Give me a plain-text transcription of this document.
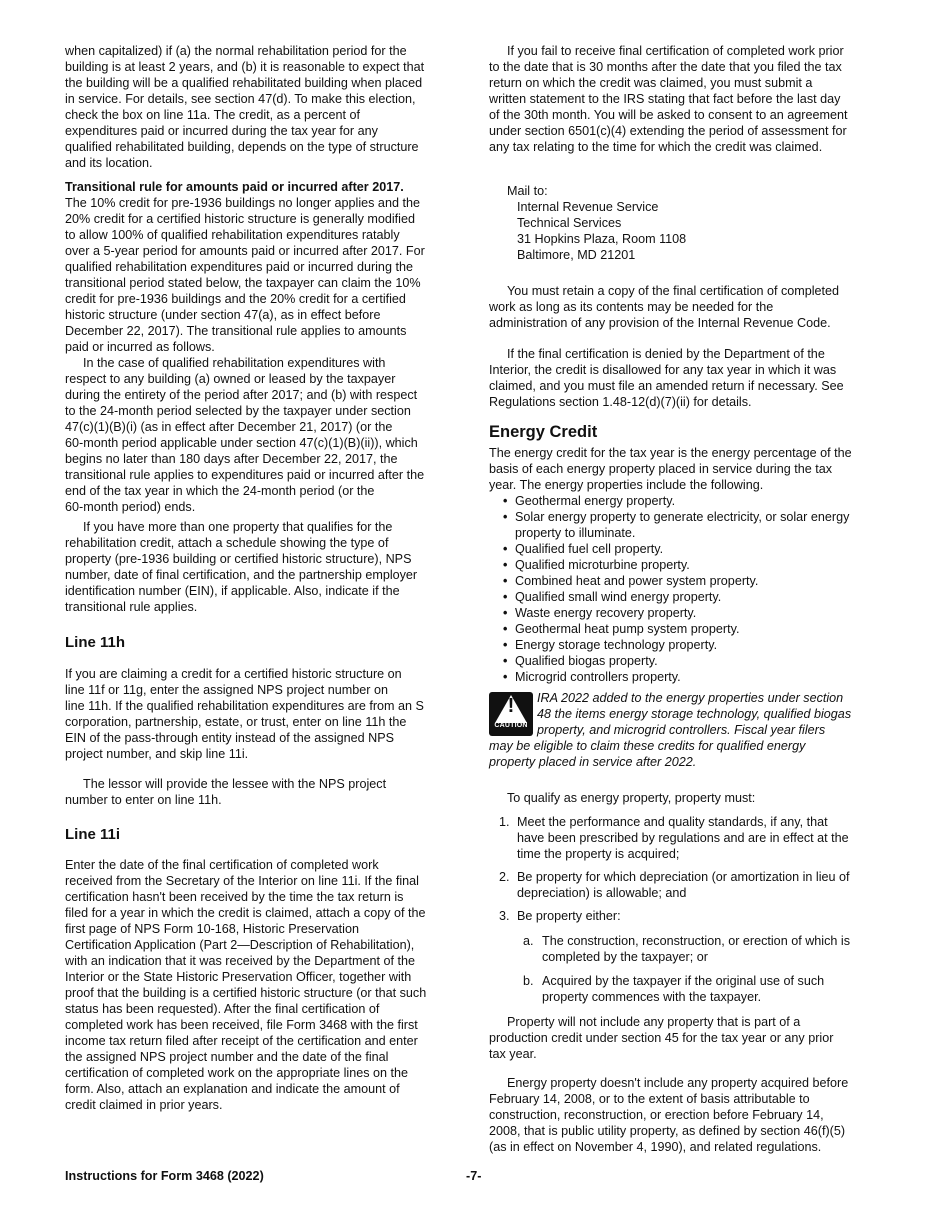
when capitalized) if (a) the normal rehabilitation period for the
building is at least 2 years, and (b) it is reasonable to expect that
the building will be a qualified rehabilitated building when placed
in service. For details, see section 47(d). To make this election,
check the box on line 11a. The credit, as a percent of
expenditures paid or incurred during the tax year for any
qualified rehabilitated building, depends on the type of structure
and its location.
Transitional rule for amounts paid or incurred after 2017.
The 10% credit for pre-1936 buildings no longer applies and the
20% credit for a certified historic structure is generally modified
to allow 100% of qualified rehabilitation expenditures ratably
over a 5-year period for amounts paid or incurred after 2017. For
qualified rehabilitation expenditures paid or incurred during the
transitional period stated below, the taxpayer can claim the 10%
credit for pre-1936 buildings and the 20% credit for a certified
historic structure (under section 47(a), as in effect before
December 22, 2017). The transitional rule applies to amounts
paid or incurred as follows.
In the case of qualified rehabilitation expenditures with
respect to any building (a) owned or leased by the taxpayer
during the entirety of the period after 2017; and (b) with respect
to the 24-month period selected by the taxpayer under section
47(c)(1)(B)(i) (as in effect after December 21, 2017) (or the
60-month period applicable under section 47(c)(1)(B)(ii)), which
begins no later than 180 days after December 22, 2017, the
transitional rule applies to expenditures paid or incurred after the
end of the tax year in which the 24-month period (or the
60-month period) ends.
If you have more than one property that qualifies for the
rehabilitation credit, attach a schedule showing the type of
property (pre-1936 building or certified historic structure), NPS
number, date of final certification, and the partnership employer
identification number (EIN), if applicable. Also, indicate if the
transitional rule applies.
Line 11h
If you are claiming a credit for a certified historic structure on
line 11f or 11g, enter the assigned NPS project number on
line 11h. If the qualified rehabilitation expenditures are from an S
corporation, partnership, estate, or trust, enter on line 11h the
EIN of the pass-through entity instead of the assigned NPS
project number, and skip line 11i.
The lessor will provide the lessee with the NPS project
number to enter on line 11h.
Line 11i
Enter the date of the final certification of completed work
received from the Secretary of the Interior on line 11i. If the final
certification hasn't been received by the time the tax return is
filed for a year in which the credit is claimed, attach a copy of the
first page of NPS Form 10-168, Historic Preservation
Certification Application (Part 2—Description of Rehabilitation),
with an indication that it was received by the Department of the
Interior or the State Historic Preservation Officer, together with
proof that the building is a certified historic structure (or that such
status has been requested). After the final certification of
completed work has been received, file Form 3468 with the first
income tax return filed after receipt of the certification and enter
the assigned NPS project number and the date of the final
certification of completed work on the appropriate lines on the
form. Also, attach an explanation and indicate the amount of
credit claimed in prior years.
If you fail to receive final certification of completed work prior
to the date that is 30 months after the date that you filed the tax
return on which the credit was claimed, you must submit a
written statement to the IRS stating that fact before the last day
of the 30th month. You will be asked to consent to an agreement
under section 6501(c)(4) extending the period of assessment for
any tax relating to the time for which the credit was claimed.
Mail to:
Internal Revenue Service
Technical Services
31 Hopkins Plaza, Room 1108
Baltimore, MD 21201
You must retain a copy of the final certification of completed
work as long as its contents may be needed for the
administration of any provision of the Internal Revenue Code.
If the final certification is denied by the Department of the
Interior, the credit is disallowed for any tax year in which it was
claimed, and you must file an amended return if necessary. See
Regulations section 1.48-12(d)(7)(ii) for details.
Energy Credit
The energy credit for the tax year is the energy percentage of the
basis of each energy property placed in service during the tax
year. The energy properties include the following.
• Geothermal energy property.
• Solar energy property to generate electricity, or solar energy
property to illuminate.
• Qualified fuel cell property.
• Qualified microturbine property.
• Combined heat and power system property.
• Qualified small wind energy property.
• Waste energy recovery property.
• Geothermal heat pump system property.
• Energy storage technology property.
• Qualified biogas property.
• Microgrid controllers property.
!
CAUTION
IRA 2022 added to the energy properties under section
48 the items energy storage technology, qualified biogas
property, and microgrid controllers. Fiscal year filers
may be eligible to claim these credits for qualified energy
property placed in service after 2022.
To qualify as energy property, property must:
1. Meet the performance and quality standards, if any, that
have been prescribed by regulations and are in effect at the
time the property is acquired;
2. Be property for which depreciation (or amortization in lieu of
depreciation) is allowable; and
3. Be property either:
a. The construction, reconstruction, or erection of which is
completed by the taxpayer; or
b. Acquired by the taxpayer if the original use of such
property commences with the taxpayer.
Property will not include any property that is part of a
production credit under section 45 for the tax year or any prior
tax year.
Energy property doesn't include any property acquired before
February 14, 2008, or to the extent of basis attributable to
construction, reconstruction, or erection before February 14,
2008, that is public utility property, as defined by section 46(f)(5)
(as in effect on November 4, 1990), and related regulations.
Instructions for Form 3468 (2022)	-7-
